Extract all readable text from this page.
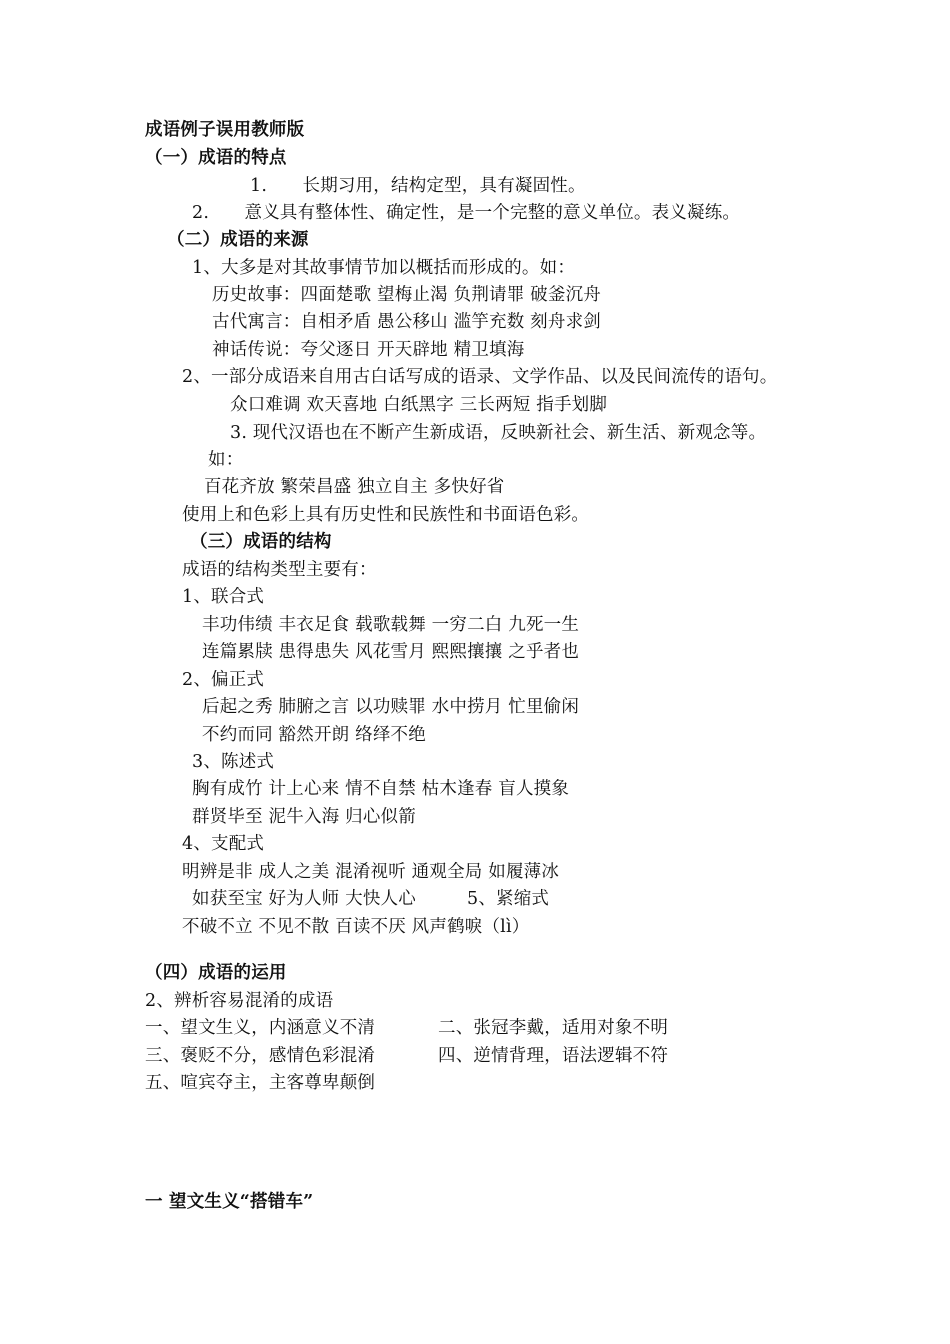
成语例子误用教师版
（一）成语的特点
1.　　长期习用，结构定型，具有凝固性。
2.　　意义具有整体性、确定性，是一个完整的意义单位。表义凝练。
（二）成语的来源
1、大多是对其故事情节加以概括而形成的。如：
历史故事：四面楚歌 望梅止渴 负荆请罪 破釜沉舟
古代寓言：自相矛盾 愚公移山 滥竽充数 刻舟求剑
神话传说：夸父逐日 开天辟地 精卫填海
2、一部分成语来自用古白话写成的语录、文学作品、以及民间流传的语句。
众口难调 欢天喜地 白纸黑字 三长两短 指手划脚
3. 现代汉语也在不断产生新成语，反映新社会、新生活、新观念等。
如：
百花齐放 繁荣昌盛 独立自主 多快好省
使用上和色彩上具有历史性和民族性和书面语色彩。
（三）成语的结构
成语的结构类型主要有：
1、联合式
丰功伟绩 丰衣足食 载歌载舞 一穷二白 九死一生
连篇累牍 患得患失 风花雪月 熙熙攘攘 之乎者也
2、偏正式
后起之秀 肺腑之言 以功赎罪 水中捞月 忙里偷闲
不约而同 豁然开朗 络绎不绝
3、陈述式
胸有成竹 计上心来 情不自禁 枯木逢春 盲人摸象
群贤毕至 泥牛入海 归心似箭
4、支配式
明辨是非 成人之美 混淆视听 通观全局 如履薄冰
如获至宝 好为人师 大快人心	5、紧缩式
不破不立 不见不散 百读不厌 风声鹤唳（lì）
（四）成语的运用
2、辨析容易混淆的成语
一、望文生义，内涵意义不清	二、张冠李戴，适用对象不明
三、褒贬不分，感情色彩混淆	四、逆情背理，语法逻辑不符
五、喧宾夺主，主客尊卑颠倒
一 望文生义“搭错车”
